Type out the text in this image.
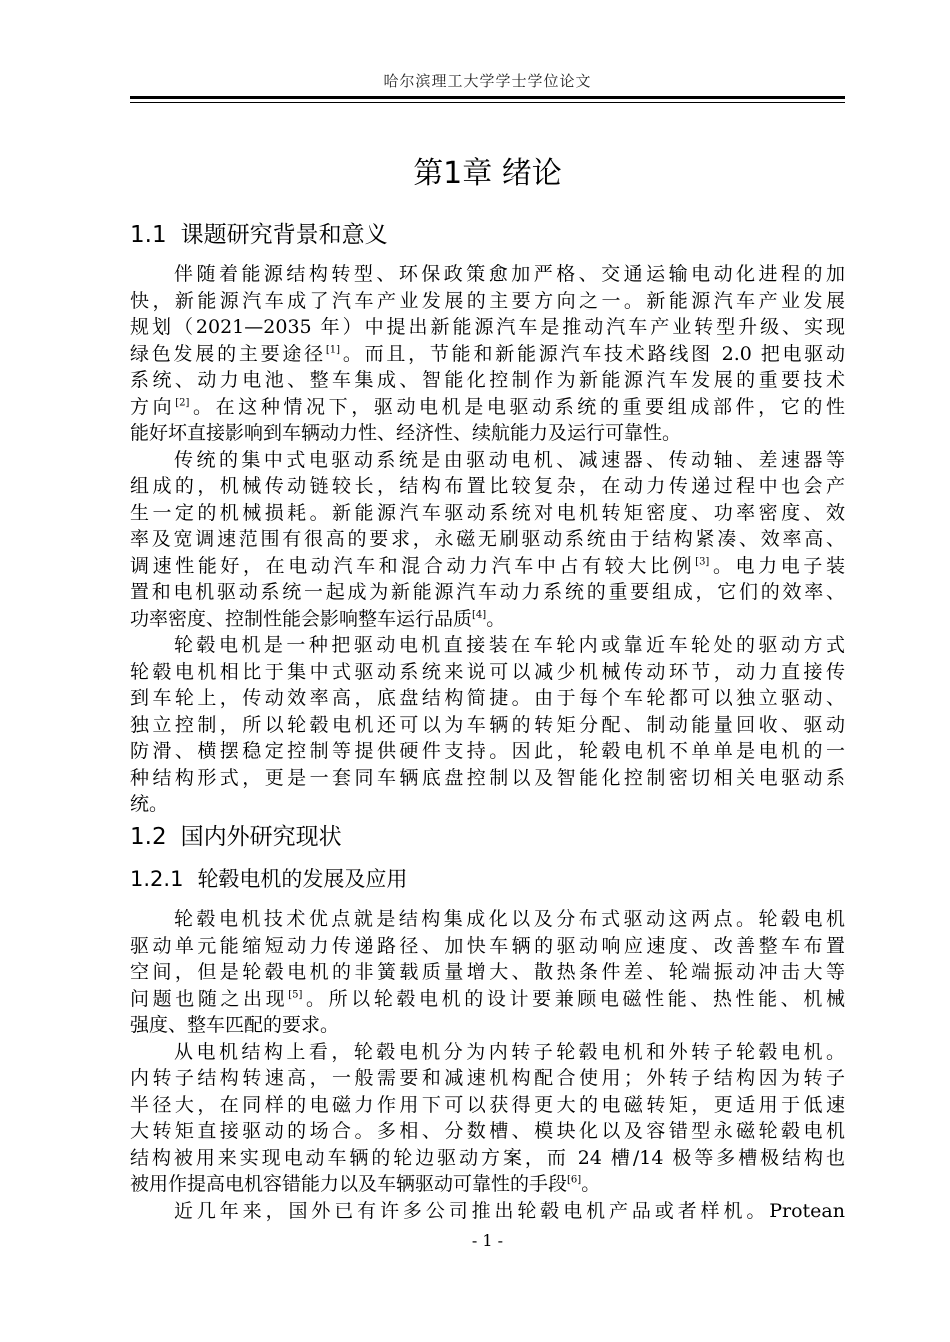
哈尔滨理工大学学士学位论文
第1章 绪论
1.1 课题研究背景和意义
伴随着能源结构转型、环保政策愈加严格、交通运输电动化进程的加
快，新能源汽车成了汽车产业发展的主要方向之一。新能源汽车产业发展
规划（2021—2035 年）中提出新能源汽车是推动汽车产业转型升级、实现
绿色发展的主要途径[1]。而且，节能和新能源汽车技术路线图 2.0 把电驱动
系统、动力电池、整车集成、智能化控制作为新能源汽车发展的重要技术
方向[2]。在这种情况下，驱动电机是电驱动系统的重要组成部件，它的性
能好坏直接影响到车辆动力性、经济性、续航能力及运行可靠性。
传统的集中式电驱动系统是由驱动电机、减速器、传动轴、差速器等
组成的，机械传动链较长，结构布置比较复杂，在动力传递过程中也会产
生一定的机械损耗。新能源汽车驱动系统对电机转矩密度、功率密度、效
率及宽调速范围有很高的要求，永磁无刷驱动系统由于结构紧凑、效率高、
调速性能好，在电动汽车和混合动力汽车中占有较大比例[3]。电力电子装
置和电机驱动系统一起成为新能源汽车动力系统的重要组成，它们的效率、
功率密度、控制性能会影响整车运行品质[4]。
轮毂电机是一种把驱动电机直接装在车轮内或靠近车轮处的驱动方式
轮毂电机相比于集中式驱动系统来说可以减少机械传动环节，动力直接传
到车轮上，传动效率高，底盘结构简捷。由于每个车轮都可以独立驱动、
独立控制，所以轮毂电机还可以为车辆的转矩分配、制动能量回收、驱动
防滑、横摆稳定控制等提供硬件支持。因此，轮毂电机不单单是电机的一
种结构形式，更是一套同车辆底盘控制以及智能化控制密切相关电驱动系
统。
1.2 国内外研究现状
1.2.1 轮毂电机的发展及应用
轮毂电机技术优点就是结构集成化以及分布式驱动这两点。轮毂电机
驱动单元能缩短动力传递路径、加快车辆的驱动响应速度、改善整车布置
空间，但是轮毂电机的非簧载质量增大、散热条件差、轮端振动冲击大等
问题也随之出现[5]。所以轮毂电机的设计要兼顾电磁性能、热性能、机械
强度、整车匹配的要求。
从电机结构上看，轮毂电机分为内转子轮毂电机和外转子轮毂电机。
内转子结构转速高，一般需要和减速机构配合使用；外转子结构因为转子
半径大，在同样的电磁力作用下可以获得更大的电磁转矩，更适用于低速
大转矩直接驱动的场合。多相、分数槽、模块化以及容错型永磁轮毂电机
结构被用来实现电动车辆的轮边驱动方案，而 24 槽/14 极等多槽极结构也
被用作提高电机容错能力以及车辆驱动可靠性的手段[6]。
近几年来，国外已有许多公司推出轮毂电机产品或者样机。Protean
- 1 -
